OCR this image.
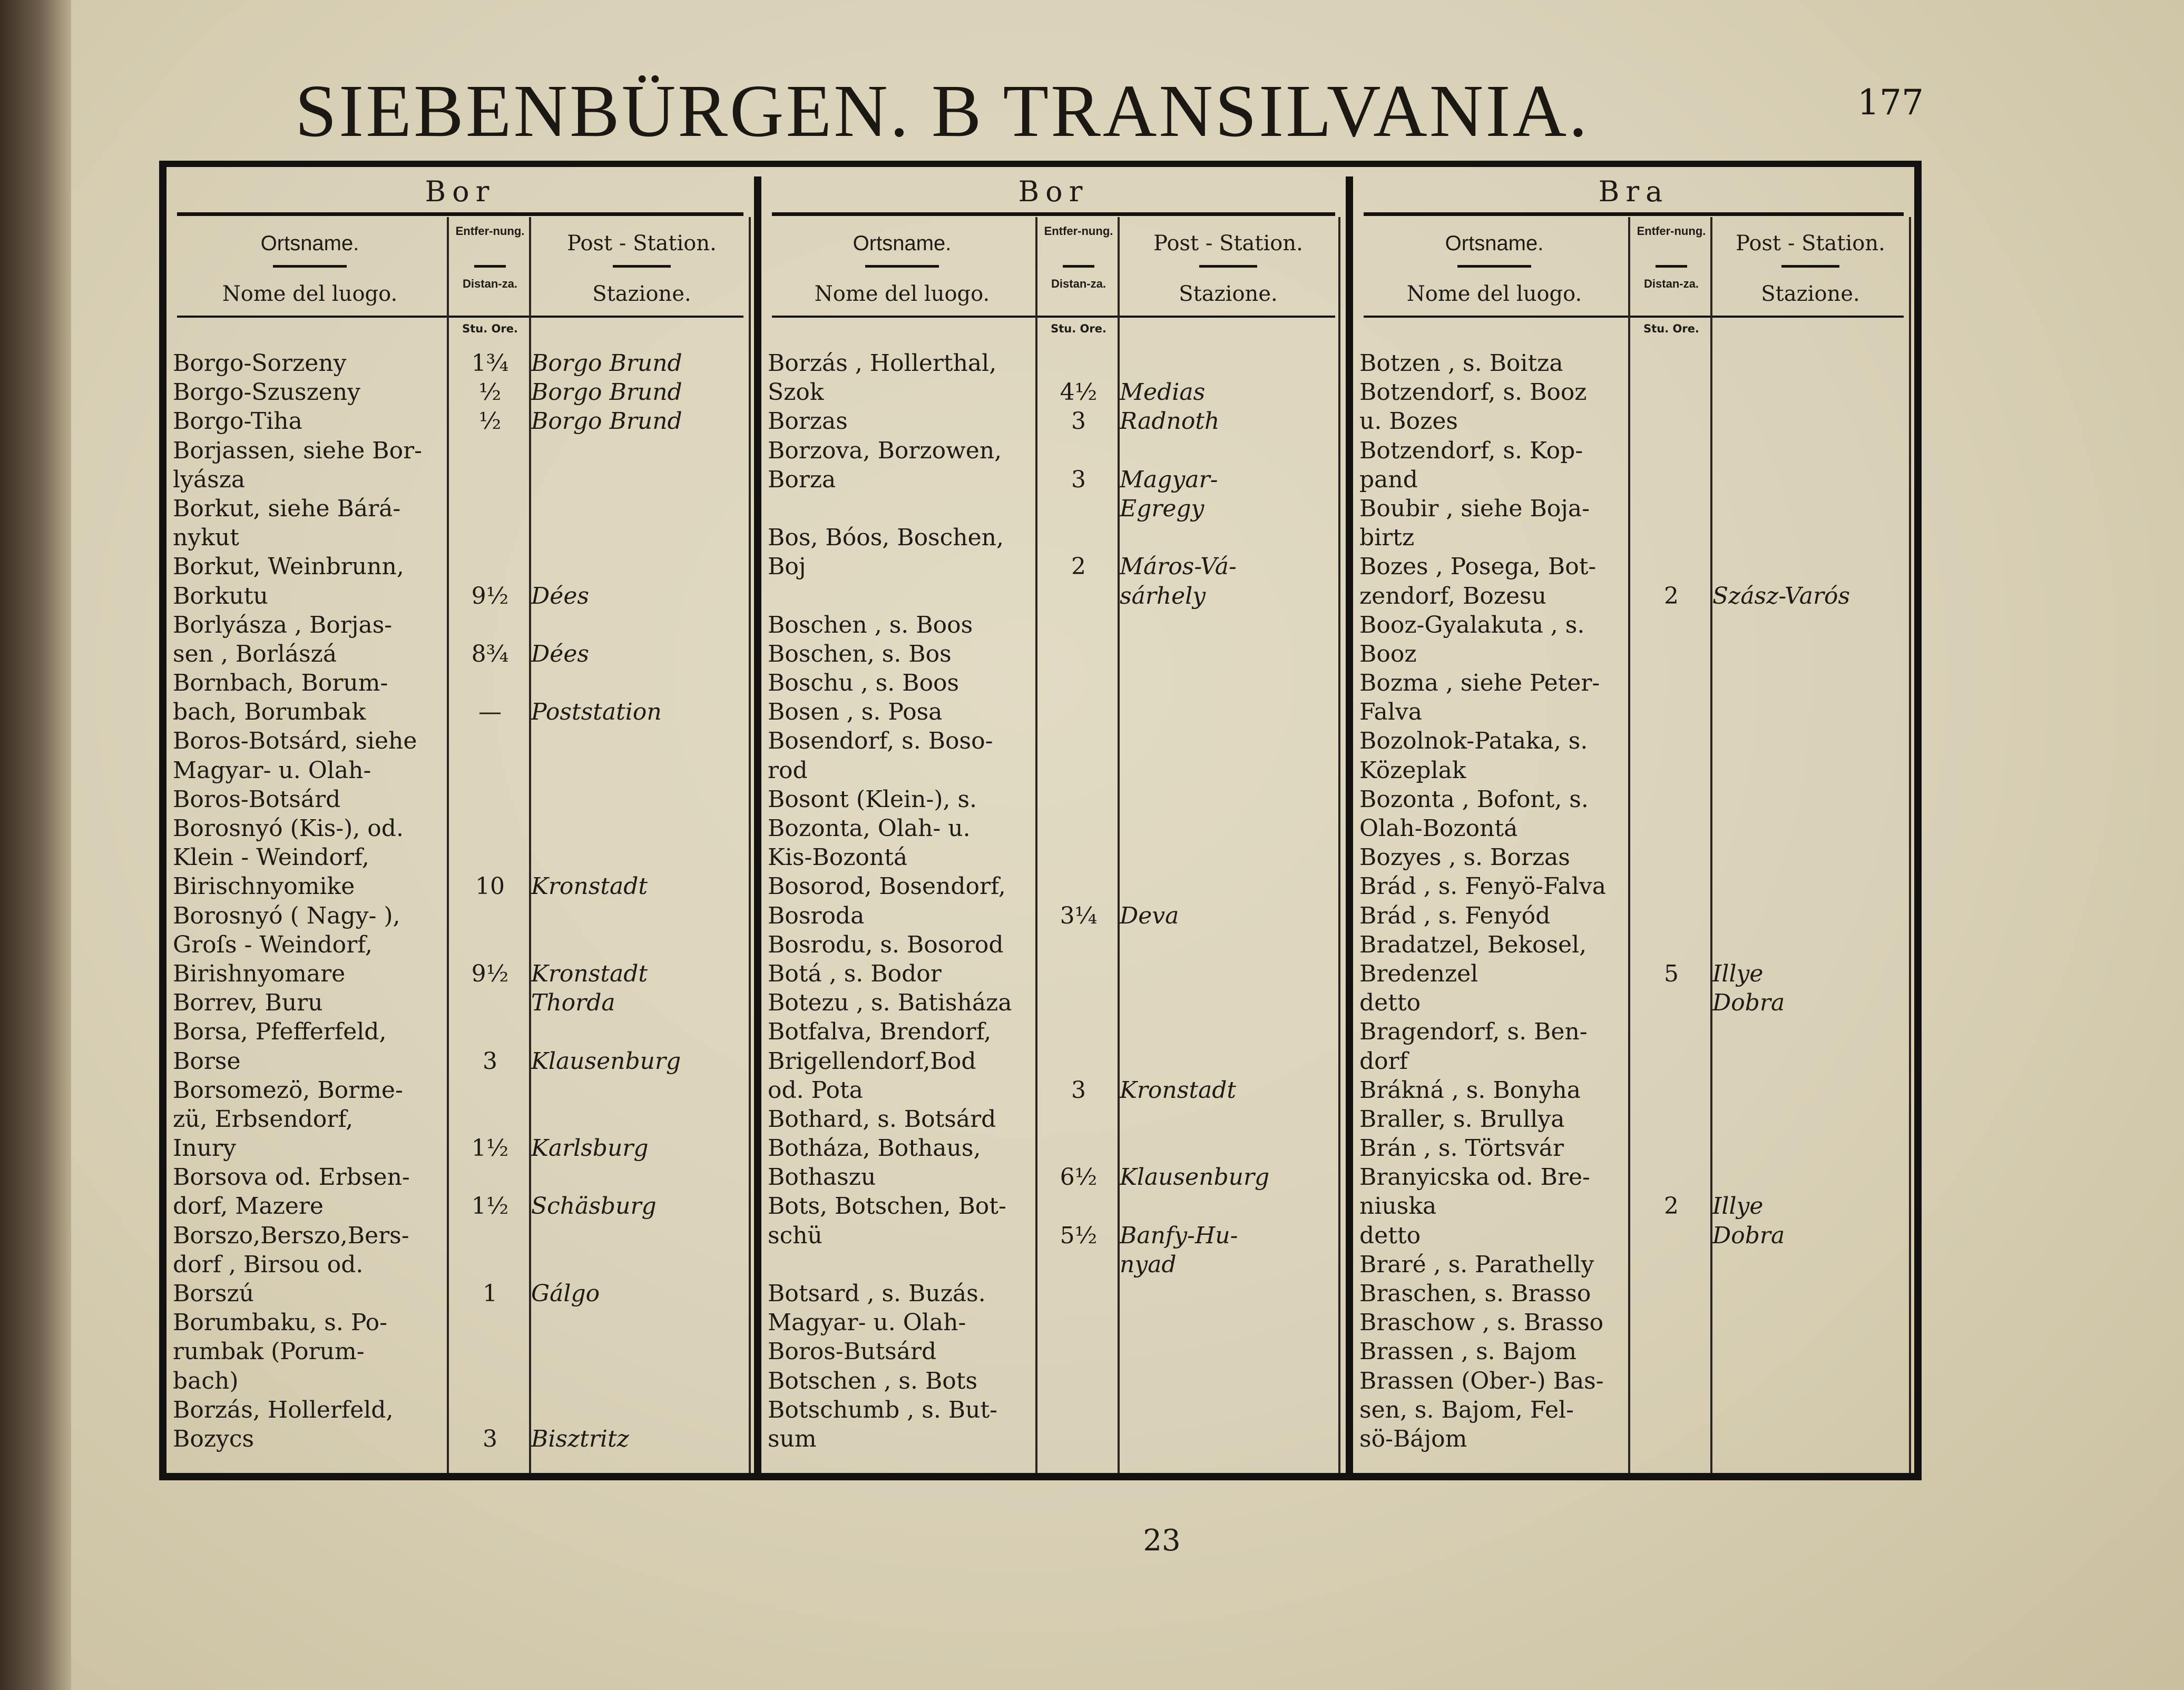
SIEBENBÜRGEN. B TRANSILVANIA.	177
Bor
Ortsname.
Nome del luogo.
Entfer-nung.
Distan-za.
Post - Station.
Stazione.
Stu. Ore.
Borgo-Sorzeny	1¾ Borgo Brund
Borgo-Szuszeny	½	Borgo Brund
Borgo-Tiha	½	Borgo Brund
Borjassen, siehe Bor-
lyásza
Borkut, siehe Bárá-
nykut
Borkut, Weinbrunn,
Borkutu	9½ Dées
Borlyásza , Borjas-
sen , Borlászá	8¾ Dées
Bornbach, Borum-
bach, Borumbak	—	Poststation
Boros-Botsárd, siehe
Magyar- u. Olah-
Boros-Botsárd
Borosnyó (Kis-), od.
Klein - Weindorf,
Birischnyomike	10	Kronstadt
Borosnyó ( Nagy- ),
Groſs - Weindorf,
Birishnyomare	9½ Kronstadt
Borrev, Buru	Thorda
Borsa, Pfefferfeld,
Borse	3	Klausenburg
Borsomezö, Borme-
zü, Erbsendorf,
Inury	1½ Karlsburg
Borsova od. Erbsen-
dorf, Mazere	1½ Schäsburg
Borszo,Berszo,Bers-
dorf , Birsou od.
Borszú	1	Gálgo
Borumbaku, s. Po-
rumbak (Porum-
bach)
Borzás, Hollerfeld,
Bozycs	3	Bisztritz
Bor
Ortsname.
Nome del luogo.
Entfer-nung.
Distan-za.
Post - Station.
Stazione.
Stu. Ore.
Borzás , Hollerthal,
Szok	4½ Medias
Borzas	3	Radnoth
Borzova, Borzowen,
Borza	3	Magyar-
Egregy
Bos, Bóos, Boschen,
Boj	2	Máros-Vá-
sárhely
Boschen , s. Boos
Boschen, s. Bos
Boschu , s. Boos
Bosen , s. Posa
Bosendorf, s. Boso-
rod
Bosont (Klein-), s.
Bozonta, Olah- u.
Kis-Bozontá
Bosorod, Bosendorf,
Bosroda	3¼ Deva
Bosrodu, s. Bosorod
Botá , s. Bodor
Botezu , s. Batisháza
Botfalva, Brendorf,
Brigellendorf,Bod
od. Pota	3	Kronstadt
Bothard, s. Botsárd
Botháza, Bothaus,
Bothaszu	6½ Klausenburg
Bots, Botschen, Bot-
schü	5½ Banfy-Hu-
nyad
Botsard , s. Buzás.
Magyar- u. Olah-
Boros-Butsárd
Botschen , s. Bots
Botschumb , s. But-
sum
Bra
Ortsname.
Nome del luogo.
Entfer-nung.
Distan-za.
Post - Station.
Stazione.
Stu. Ore.
Botzen , s. Boitza
Botzendorf, s. Booz
u. Bozes
Botzendorf, s. Kop-
pand
Boubir , siehe Boja-
birtz
Bozes , Posega, Bot-
zendorf, Bozesu	2	Szász-Varós
Booz-Gyalakuta , s.
Booz
Bozma , siehe Peter-
Falva
Bozolnok-Pataka, s.
Közeplak
Bozonta , Bofont, s.
Olah-Bozontá
Bozyes , s. Borzas
Brád , s. Fenyö-Falva
Brád , s. Fenyód
Bradatzel, Bekosel,
Bredenzel	5	Illye
detto	Dobra
Bragendorf, s. Ben-
dorf
Brákná , s. Bonyha
Braller, s. Brullya
Brán , s. Törtsvár
Branyicska od. Bre-
niuska	2	Illye
detto	Dobra
Braré , s. Parathelly
Braschen, s. Brasso
Braschow , s. Brasso
Brassen , s. Bajom
Brassen (Ober-) Bas-
sen, s. Bajom, Fel-
sö-Bájom
23
